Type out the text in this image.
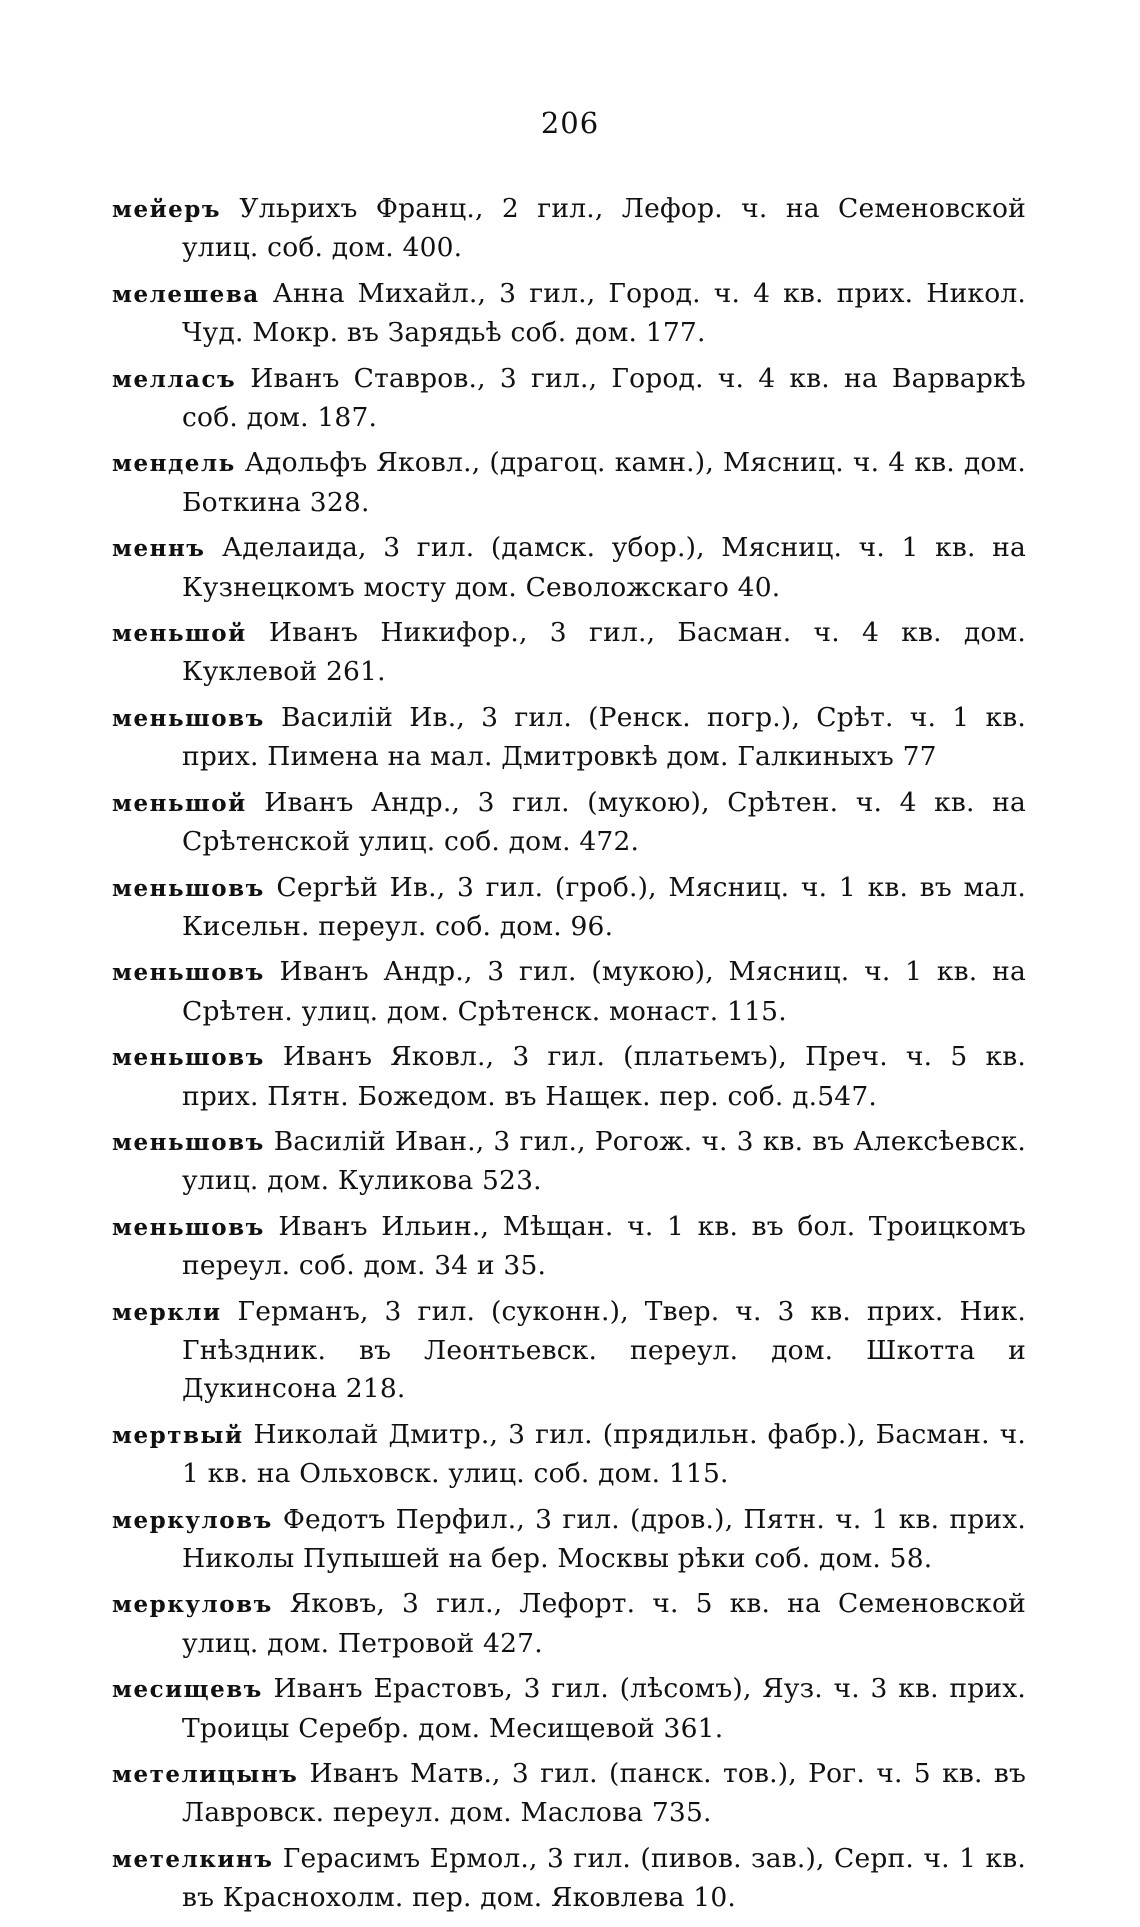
206

мейеръ Ульрихъ Франц., 2 гил., Лефор. ч. на Семеновской улиц. соб. дом. 400.

мелешева Анна Михайл., 3 гил., Город. ч. 4 кв. прих. Никол. Чуд. Мокр. въ Зарядьѣ соб. дом. 177.

мелласъ Иванъ Ставров., 3 гил., Город. ч. 4 кв. на Варваркѣ соб. дом. 187.

мендель Адольфъ Яковл., (драгоц. камн.), Мясниц. ч. 4 кв. дом. Боткина 328.

меннъ Аделаида, 3 гил. (дамск. убор.), Мясниц. ч. 1 кв. на Кузнецкомъ мосту дом. Севоложскаго 40.

меньшой Иванъ Никифор., 3 гил., Басман. ч. 4 кв. дом. Куклевой 261.

меньшовъ Василій Ив., 3 гил. (Ренск. погр.), Срѣт. ч. 1 кв. прих. Пимена на мал. Дмитровкѣ дом. Галкиныхъ 77

меньшой Иванъ Андр., 3 гил. (мукою), Срѣтен. ч. 4 кв. на Срѣтенской улиц. соб. дом. 472.

меньшовъ Сергѣй Ив., 3 гил. (гроб.), Мясниц. ч. 1 кв. въ мал. Кисельн. переул. соб. дом. 96.

меньшовъ Иванъ Андр., 3 гил. (мукою), Мясниц. ч. 1 кв. на Срѣтен. улиц. дом. Срѣтенск. монаст. 115.

меньшовъ Иванъ Яковл., 3 гил. (платьемъ), Преч. ч. 5 кв. прих. Пятн. Божедом. въ Нащек. пер. соб. д.547.

меньшовъ Василій Иван., 3 гил., Рогож. ч. 3 кв. въ Алексѣевск. улиц. дом. Куликова 523.

меньшовъ Иванъ Ильин., Мѣщан. ч. 1 кв. въ бол. Троицкомъ переул. соб. дом. 34 и 35.

меркли Германъ, 3 гил. (суконн.), Твер. ч. 3 кв. прих. Ник. Гнѣздник. въ Леонтьевск. переул. дом. Шкотта и Дукинсона 218.

мертвый Николай Дмитр., 3 гил. (прядильн. фабр.), Басман. ч. 1 кв. на Ольховск. улиц. соб. дом. 115.

меркуловъ Федотъ Перфил., 3 гил. (дров.), Пятн. ч. 1 кв. прих. Николы Пупышей на бер. Москвы рѣки соб. дом. 58.

меркуловъ Яковъ, 3 гил., Лефорт. ч. 5 кв. на Семеновской улиц. дом. Петровой 427.

месищевъ Иванъ Ерастовъ, 3 гил. (лѣсомъ), Яуз. ч. 3 кв. прих. Троицы Серебр. дом. Месищевой 361.

метелицынъ Иванъ Матв., 3 гил. (панск. тов.), Рог. ч. 5 кв. въ Лавровск. переул. дом. Маслова 735.

метелкинъ Герасимъ Ермол., 3 гил. (пивов. зав.), Серп. ч. 1 кв. въ Краснохолм. пер. дом. Яковлева 10.
